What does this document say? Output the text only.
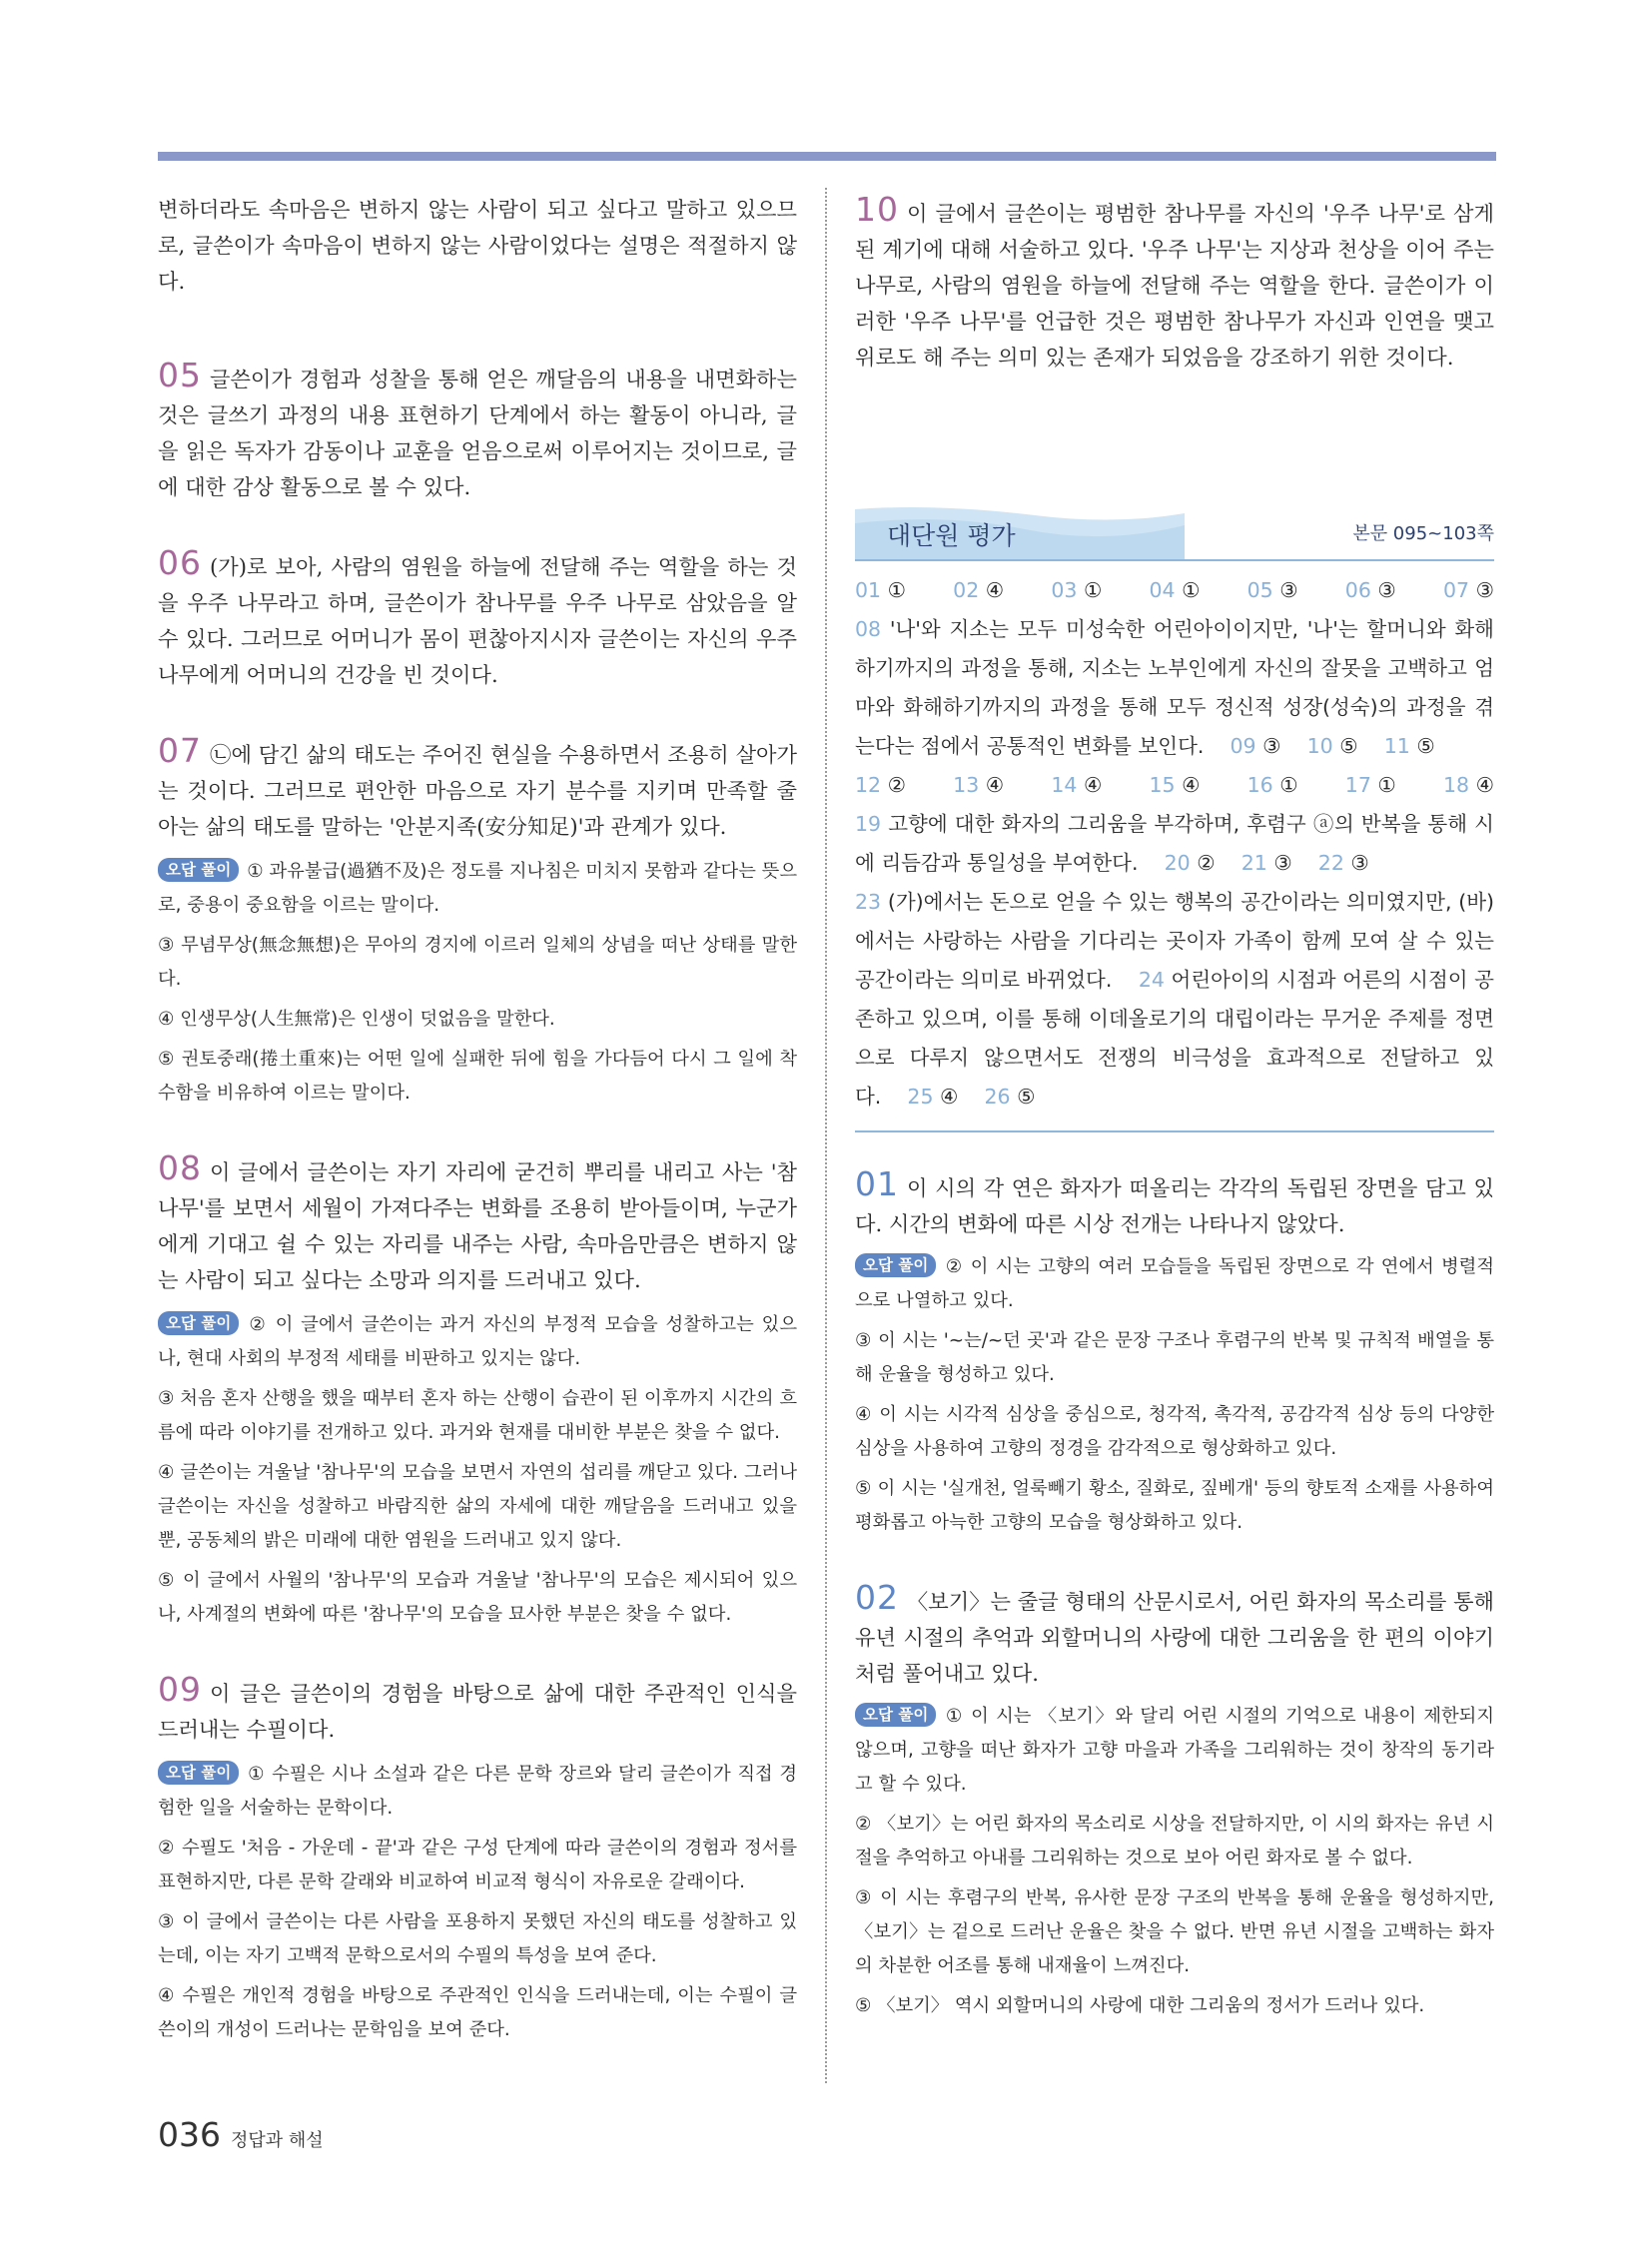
변하더라도 속마음은 변하지 않는 사람이 되고 싶다고 말하고 있으므로, 글쓴이가 속마음이 변하지 않는 사람이었다는 설명은 적절하지 않다.

05 글쓴이가 경험과 성찰을 통해 얻은 깨달음의 내용을 내면화하는 것은 글쓰기 과정의 내용 표현하기 단계에서 하는 활동이 아니라, 글을 읽은 독자가 감동이나 교훈을 얻음으로써 이루어지는 것이므로, 글에 대한 감상 활동으로 볼 수 있다.

06 (가)로 보아, 사람의 염원을 하늘에 전달해 주는 역할을 하는 것을 우주 나무라고 하며, 글쓴이가 참나무를 우주 나무로 삼았음을 알 수 있다. 그러므로 어머니가 몸이 편찮아지시자 글쓴이는 자신의 우주 나무에게 어머니의 건강을 빈 것이다.

07 ㉡에 담긴 삶의 태도는 주어진 현실을 수용하면서 조용히 살아가는 것이다. 그러므로 편안한 마음으로 자기 분수를 지키며 만족할 줄 아는 삶의 태도를 말하는 '안분지족(安分知足)'과 관계가 있다.

오답 풀이 ① 과유불급(過猶不及)은 정도를 지나침은 미치지 못함과 같다는 뜻으로, 중용이 중요함을 이르는 말이다.

③ 무념무상(無念無想)은 무아의 경지에 이르러 일체의 상념을 떠난 상태를 말한다.

④ 인생무상(人生無常)은 인생이 덧없음을 말한다.

⑤ 권토중래(捲土重來)는 어떤 일에 실패한 뒤에 힘을 가다듬어 다시 그 일에 착수함을 비유하여 이르는 말이다.

08 이 글에서 글쓴이는 자기 자리에 굳건히 뿌리를 내리고 사는 '참나무'를 보면서 세월이 가져다주는 변화를 조용히 받아들이며, 누군가에게 기대고 쉴 수 있는 자리를 내주는 사람, 속마음만큼은 변하지 않는 사람이 되고 싶다는 소망과 의지를 드러내고 있다.

오답 풀이 ② 이 글에서 글쓴이는 과거 자신의 부정적 모습을 성찰하고는 있으나, 현대 사회의 부정적 세태를 비판하고 있지는 않다.

③ 처음 혼자 산행을 했을 때부터 혼자 하는 산행이 습관이 된 이후까지 시간의 흐름에 따라 이야기를 전개하고 있다. 과거와 현재를 대비한 부분은 찾을 수 없다.

④ 글쓴이는 겨울날 '참나무'의 모습을 보면서 자연의 섭리를 깨닫고 있다. 그러나 글쓴이는 자신을 성찰하고 바람직한 삶의 자세에 대한 깨달음을 드러내고 있을 뿐, 공동체의 밝은 미래에 대한 염원을 드러내고 있지 않다.

⑤ 이 글에서 사월의 '참나무'의 모습과 겨울날 '참나무'의 모습은 제시되어 있으나, 사계절의 변화에 따른 '참나무'의 모습을 묘사한 부분은 찾을 수 없다.

09 이 글은 글쓴이의 경험을 바탕으로 삶에 대한 주관적인 인식을 드러내는 수필이다.

오답 풀이 ① 수필은 시나 소설과 같은 다른 문학 장르와 달리 글쓴이가 직접 경험한 일을 서술하는 문학이다.

② 수필도 '처음 - 가운데 - 끝'과 같은 구성 단계에 따라 글쓴이의 경험과 정서를 표현하지만, 다른 문학 갈래와 비교하여 비교적 형식이 자유로운 갈래이다.

③ 이 글에서 글쓴이는 다른 사람을 포용하지 못했던 자신의 태도를 성찰하고 있는데, 이는 자기 고백적 문학으로서의 수필의 특성을 보여 준다.

④ 수필은 개인적 경험을 바탕으로 주관적인 인식을 드러내는데, 이는 수필이 글쓴이의 개성이 드러나는 문학임을 보여 준다.

10 이 글에서 글쓴이는 평범한 참나무를 자신의 '우주 나무'로 삼게 된 계기에 대해 서술하고 있다. '우주 나무'는 지상과 천상을 이어 주는 나무로, 사람의 염원을 하늘에 전달해 주는 역할을 한다. 글쓴이가 이러한 '우주 나무'를 언급한 것은 평범한 참나무가 자신과 인연을 맺고 위로도 해 주는 의미 있는 존재가 되었음을 강조하기 위한 것이다.

대단원 평가	본문 095~103쪽
01 ① 02 ④ 03 ① 04 ① 05 ③ 06 ③ 07 ③

08 '나'와 지소는 모두 미성숙한 어린아이이지만, '나'는 할머니와 화해하기까지의 과정을 통해, 지소는 노부인에게 자신의 잘못을 고백하고 엄마와 화해하기까지의 과정을 통해 모두 정신적 성장(성숙)의 과정을 겪는다는 점에서 공통적인 변화를 보인다. 09 ③ 10 ⑤ 11 ⑤

12 ② 13 ④ 14 ④ 15 ④ 16 ① 17 ① 18 ④

19 고향에 대한 화자의 그리움을 부각하며, 후렴구 ⓐ의 반복을 통해 시에 리듬감과 통일성을 부여한다. 20 ② 21 ③ 22 ③

23 (가)에서는 돈으로 얻을 수 있는 행복의 공간이라는 의미였지만, (바)에서는 사랑하는 사람을 기다리는 곳이자 가족이 함께 모여 살 수 있는 공간이라는 의미로 바뀌었다. 24 어린아이의 시점과 어른의 시점이 공존하고 있으며, 이를 통해 이데올로기의 대립이라는 무거운 주제를 정면으로 다루지 않으면서도 전쟁의 비극성을 효과적으로 전달하고 있다. 25 ④ 26 ⑤

01 이 시의 각 연은 화자가 떠올리는 각각의 독립된 장면을 담고 있다. 시간의 변화에 따른 시상 전개는 나타나지 않았다.

오답 풀이 ② 이 시는 고향의 여러 모습들을 독립된 장면으로 각 연에서 병렬적으로 나열하고 있다.

③ 이 시는 '~는/~던 곳'과 같은 문장 구조나 후렴구의 반복 및 규칙적 배열을 통해 운율을 형성하고 있다.

④ 이 시는 시각적 심상을 중심으로, 청각적, 촉각적, 공감각적 심상 등의 다양한 심상을 사용하여 고향의 정경을 감각적으로 형상화하고 있다.

⑤ 이 시는 '실개천, 얼룩빼기 황소, 질화로, 짚베개' 등의 향토적 소재를 사용하여 평화롭고 아늑한 고향의 모습을 형상화하고 있다.

02 〈보기〉는 줄글 형태의 산문시로서, 어린 화자의 목소리를 통해 유년 시절의 추억과 외할머니의 사랑에 대한 그리움을 한 편의 이야기처럼 풀어내고 있다.

오답 풀이 ① 이 시는 〈보기〉와 달리 어린 시절의 기억으로 내용이 제한되지 않으며, 고향을 떠난 화자가 고향 마을과 가족을 그리워하는 것이 창작의 동기라고 할 수 있다.

② 〈보기〉는 어린 화자의 목소리로 시상을 전달하지만, 이 시의 화자는 유년 시절을 추억하고 아내를 그리워하는 것으로 보아 어린 화자로 볼 수 없다.

③ 이 시는 후렴구의 반복, 유사한 문장 구조의 반복을 통해 운율을 형성하지만, 〈보기〉는 겉으로 드러난 운율은 찾을 수 없다. 반면 유년 시절을 고백하는 화자의 차분한 어조를 통해 내재율이 느껴진다.

⑤ 〈보기〉 역시 외할머니의 사랑에 대한 그리움의 정서가 드러나 있다.

036 정답과 해설
